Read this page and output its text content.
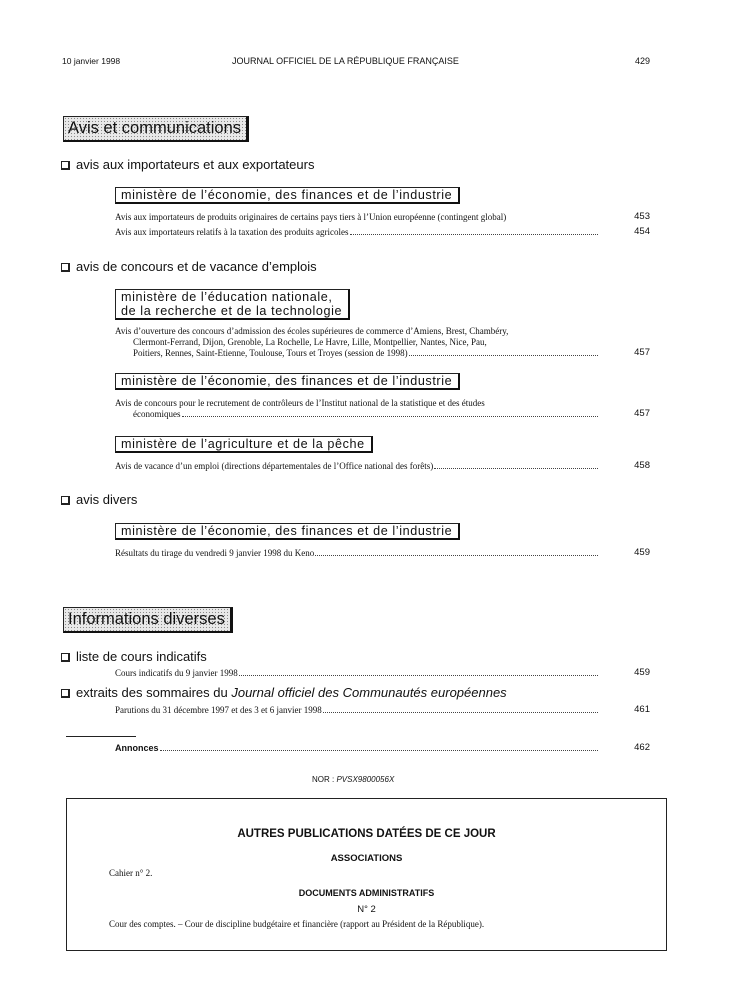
10 janvier 1998	JOURNAL OFFICIEL DE LA RÉPUBLIQUE FRANÇAISE	429
Avis et communications
avis aux importateurs et aux exportateurs
ministère de l’économie, des finances et de l’industrie
Avis aux importateurs de produits originaires de certains pays tiers à l’Union européenne (contingent global)	453
Avis aux importateurs relatifs à la taxation des produits agricoles	454
avis de concours et de vacance d’emplois
ministère de l’éducation nationale,
de la recherche et de la technologie
Avis d’ouverture des concours d’admission des écoles supérieures de commerce d’Amiens, Brest, Chambéry,
Clermont-Ferrand, Dijon, Grenoble, La Rochelle, Le Havre, Lille, Montpellier, Nantes, Nice, Pau,
Poitiers, Rennes, Saint-Etienne, Toulouse, Tours et Troyes (session de 1998)	457
ministère de l’économie, des finances et de l’industrie
Avis de concours pour le recrutement de contrôleurs de l’Institut national de la statistique et des études
économiques	457
ministère de l’agriculture et de la pêche
Avis de vacance d’un emploi (directions départementales de l’Office national des forêts)	458
avis divers
ministère de l’économie, des finances et de l’industrie
Résultats du tirage du vendredi 9 janvier 1998 du Keno	459
Informations diverses
liste de cours indicatifs
Cours indicatifs du 9 janvier 1998	459
extraits des sommaires du Journal officiel des Communautés européennes
Parutions du 31 décembre 1997 et des 3 et 6 janvier 1998	461
Annonces	462
NOR : PVSX9800056X
AUTRES PUBLICATIONS DATÉES DE CE JOUR
ASSOCIATIONS
Cahier n° 2.
DOCUMENTS ADMINISTRATIFS
N° 2
Cour des comptes. – Cour de discipline budgétaire et financière (rapport au Président de la République).
